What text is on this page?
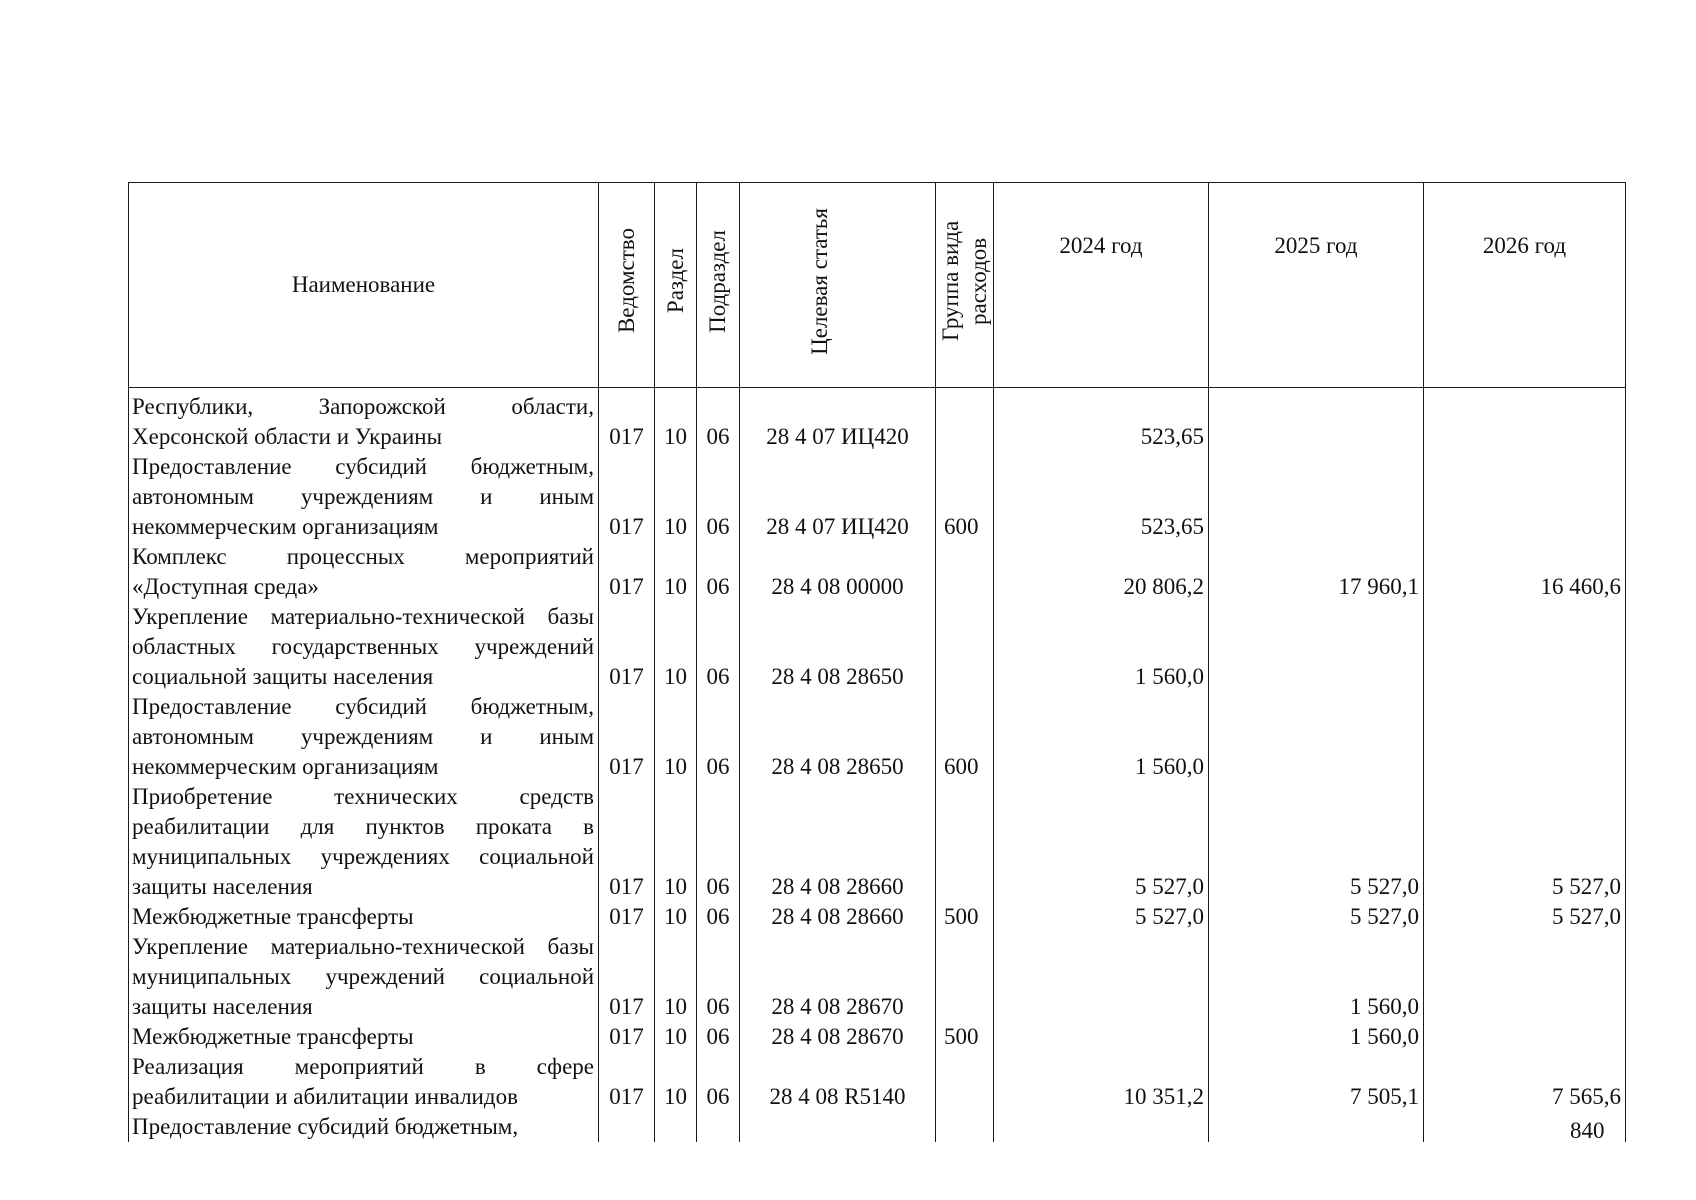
Наименование	Ведомство	Раздел	Подраздел	Целевая статья	Группа вида расходов	2024 год	2025 год	2026 год
Республики, Запорожской области, Херсонской области и Украины	017	10	06	28 4 07 ИЦ420		523,65		
Предоставление субсидий бюджетным, автономным учреждениям и иным некоммерческим организациям	017	10	06	28 4 07 ИЦ420	600	523,65		
Комплекс процессных мероприятий «Доступная среда»	017	10	06	28 4 08 00000		20 806,2	17 960,1	16 460,6
Укрепление материально-технической базы областных государственных учреждений социальной защиты населения	017	10	06	28 4 08 28650		1 560,0		
Предоставление субсидий бюджетным, автономным учреждениям и иным некоммерческим организациям	017	10	06	28 4 08 28650	600	1 560,0		
Приобретение технических средств реабилитации для пунктов проката в муниципальных учреждениях социальной защиты населения	017	10	06	28 4 08 28660		5 527,0	5 527,0	5 527,0
Межбюджетные трансферты	017	10	06	28 4 08 28660	500	5 527,0	5 527,0	5 527,0
Укрепление материально-технической базы муниципальных учреждений социальной защиты населения	017	10	06	28 4 08 28670			1 560,0	
Межбюджетные трансферты	017	10	06	28 4 08 28670	500		1 560,0	
Реализация мероприятий в сфере реабилитации и абилитации инвалидов	017	10	06	28 4 08 R5140		10 351,2	7 505,1	7 565,6
Предоставление субсидий бюджетным,									840
